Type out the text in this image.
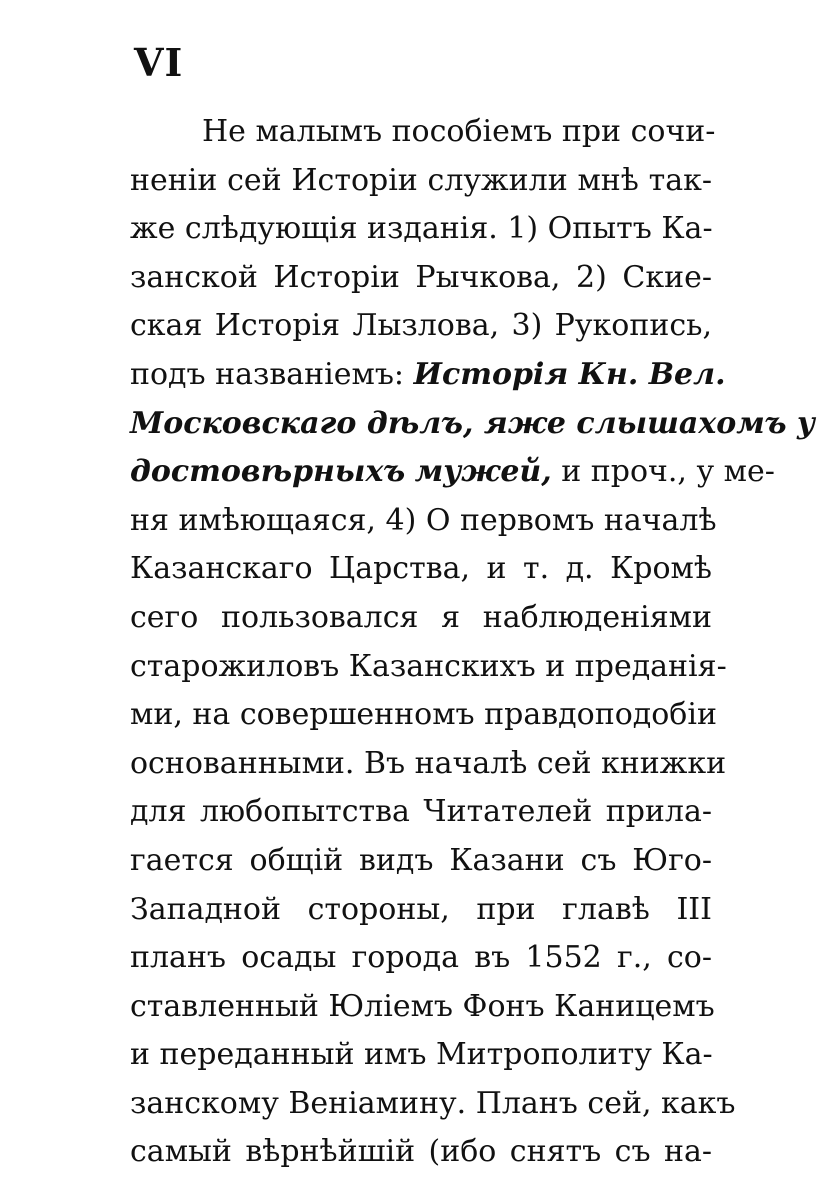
VI
Не малымъ пособіемъ при сочи-
неніи сей Исторіи служили мнѣ так-
же слѣдующія изданія. 1) Опытъ Ка-
занской Исторіи Рычкова, 2) Ские-
ская Исторія Лызлова, 3) Рукопись,
подъ названіемъ: Исторія Кн. Вел.
Московскаго дѣлъ, яже слышахомъ у
достовѣрныхъ мужей, и проч., у ме-
ня имѣющаяся, 4) О первомъ началѣ
Казанскаго Царства, и т. д. Кромѣ
сего пользовался я наблюденіями
старожиловъ Казанскихъ и преданія-
ми, на совершенномъ правдоподобіи
основанными. Въ началѣ сей книжки
для любопытства Читателей прила-
гается общій видъ Казани съ Юго-
Западной стороны, при главѣ III
планъ осады города въ 1552 г., со-
ставленный Юліемъ Фонъ Каницемъ
и переданный имъ Митрополиту Ка-
занскому Веніамину. Планъ сей, какъ
самый вѣрнѣйшій (ибо снятъ съ на-
